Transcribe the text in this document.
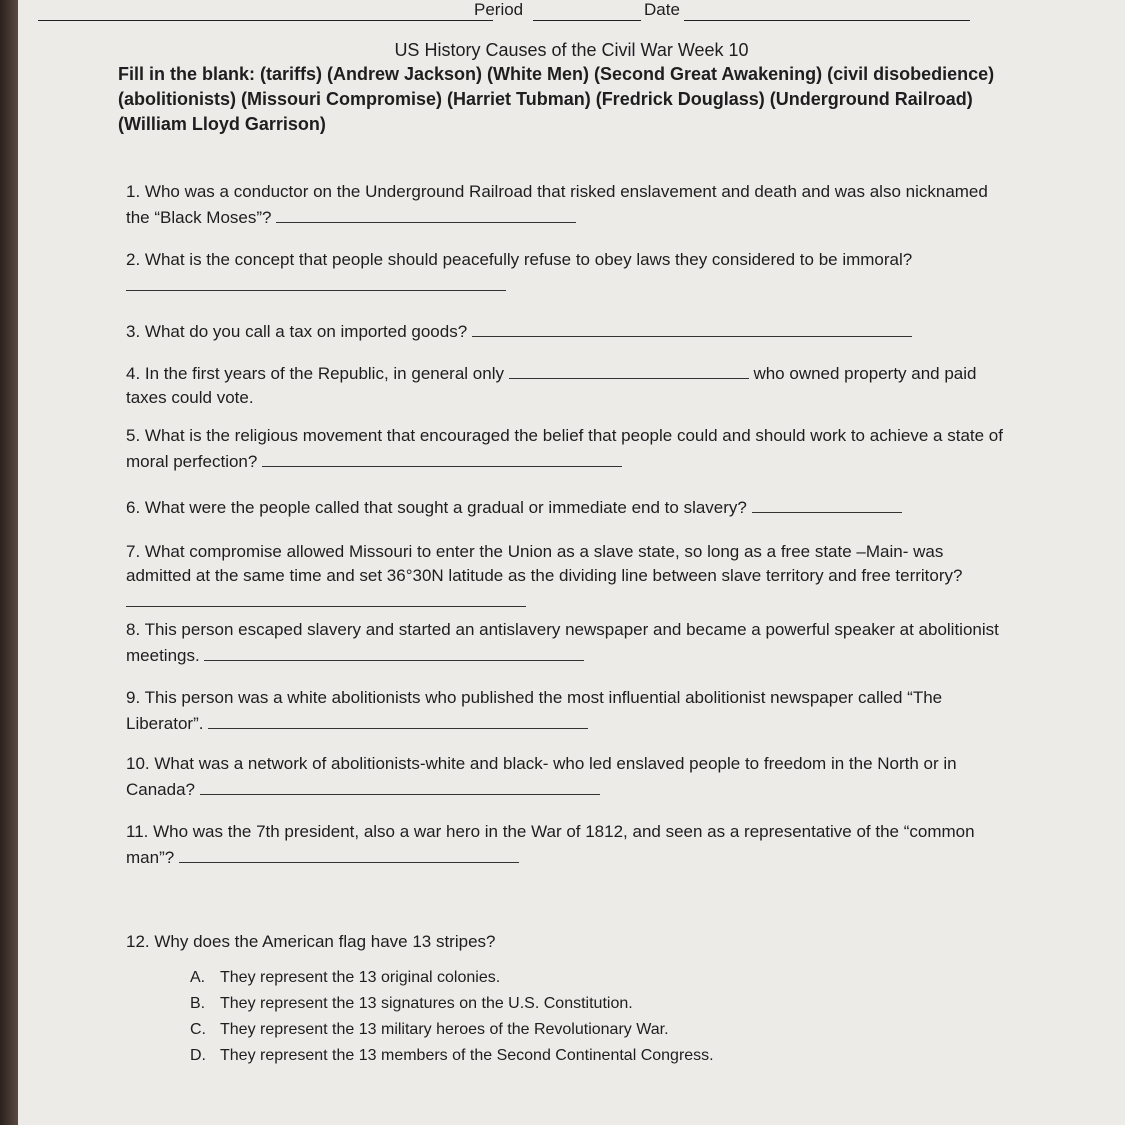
Period	Date
US History Causes of the Civil War Week 10
Fill in the blank: (tariffs) (Andrew Jackson) (White Men) (Second Great Awakening) (civil disobedience) (abolitionists) (Missouri Compromise) (Harriet Tubman) (Fredrick Douglass) (Underground Railroad) (William Lloyd Garrison)
1. Who was a conductor on the Underground Railroad that risked enslavement and death and was also nicknamed the “Black Moses”?
2. What is the concept that people should peacefully refuse to obey laws they considered to be immoral?
3. What do you call a tax on imported goods?
4. In the first years of the Republic, in general only	who owned property and paid taxes could vote.
5. What is the religious movement that encouraged the belief that people could and should work to achieve a state of moral perfection?
6. What were the people called that sought a gradual or immediate end to slavery?
7. What compromise allowed Missouri to enter the Union as a slave state, so long as a free state –Main- was admitted at the same time and set 36°30N latitude as the dividing line between slave territory and free territory?
8. This person escaped slavery and started an antislavery newspaper and became a powerful speaker at abolitionist meetings.
9. This person was a white abolitionists who published the most influential abolitionist newspaper called “The Liberator”.
10. What was a network of abolitionists-white and black- who led enslaved people to freedom in the North or in Canada?
11. Who was the 7th president, also a war hero in the War of 1812, and seen as a representative of the “common man”?
12. Why does the American flag have 13 stripes?
A. They represent the 13 original colonies.
B. They represent the 13 signatures on the U.S. Constitution.
C. They represent the 13 military heroes of the Revolutionary War.
D. They represent the 13 members of the Second Continental Congress.
